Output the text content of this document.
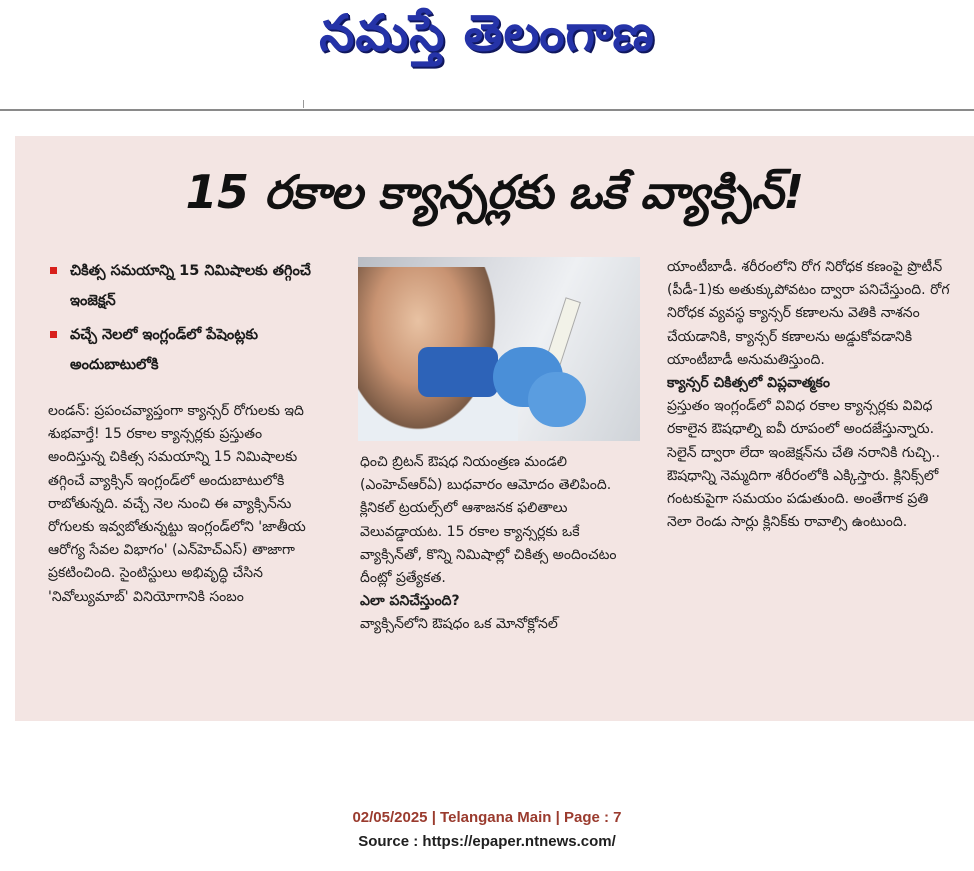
నమస్తే తెలంగాణ
15 రకాల క్యాన్సర్లకు ఒకే వ్యాక్సిన్!
చికిత్స సమయాన్ని 15 నిమిషాలకు తగ్గించే ఇంజెక్షన్
వచ్చే నెలలో ఇంగ్లండ్‌లో పేషెంట్లకు అందుబాటులోకి

లండన్: ప్రపంచవ్యాప్తంగా క్యాన్సర్ రోగులకు ఇది శుభవార్తే! 15 రకాల క్యాన్సర్లకు ప్రస్తుతం అందిస్తున్న చికిత్స సమయాన్ని 15 నిమిషాలకు తగ్గించే వ్యాక్సిన్ ఇంగ్లండ్‌లో అందుబాటులోకి రాబోతున్నది. వచ్చే నెల నుంచి ఈ వ్యాక్సిన్‌ను రోగులకు ఇవ్వబోతున్నట్టు ఇంగ్లండ్‌లోని 'జాతీయ ఆరోగ్య సేవల విభాగం' (ఎన్‌హెచ్ఎస్) తాజాగా ప్రకటించింది. సైంటిస్టులు అభివృద్ధి చేసిన 'నివోల్యుమాబ్' వినియోగానికి సంబం

ధించి బ్రిటన్ ఔషధ నియంత్రణ మండలి (ఎంహెచ్ఆర్ఏ) బుధవారం ఆమోదం తెలిపింది. క్లినికల్ ట్రయల్స్‌లో ఆశాజనక ఫలితాలు వెలువడ్డాయట. 15 రకాల క్యాన్సర్లకు ఒకే వ్యాక్సిన్‌తో, కొన్ని నిమిషాల్లో చికిత్స అందించటం దీంట్లో ప్రత్యేకత.

ఎలా పనిచేస్తుంది?

వ్యాక్సిన్‌లోని ఔషధం ఒక మోనోక్లోనల్

యాంటీబాడీ. శరీరంలోని రోగ నిరోధక కణంపై ప్రొటీన్ (పీడీ-1)కు అతుక్కుపోవటం ద్వారా పనిచేస్తుంది. రోగ నిరోధక వ్యవస్థ క్యాన్సర్ కణాలను వెతికి నాశనం చేయడానికి, క్యాన్సర్ కణాలను అడ్డుకోవడానికి యాంటీబాడీ అనుమతిస్తుంది.

క్యాన్సర్ చికిత్సలో విప్లవాత్మకం

ప్రస్తుతం ఇంగ్లండ్‌లో వివిధ రకాల క్యాన్సర్లకు వివిధ రకాలైన ఔషధాల్ని ఐవీ రూపంలో అందజేస్తున్నారు. సెలైన్ ద్వారా లేదా ఇంజెక్షన్‌ను చేతి నరానికి గుచ్చి.. ఔషధాన్ని నెమ్మదిగా శరీరంలోకి ఎక్కిస్తారు. క్లినిక్స్‌లో గంటకుపైగా సమయం పడుతుంది. అంతేగాక ప్రతి నెలా రెండు సార్లు క్లినిక్‌కు రావాల్సి ఉంటుంది.

02/05/2025 | Telangana Main | Page : 7
Source : https://epaper.ntnews.com/
